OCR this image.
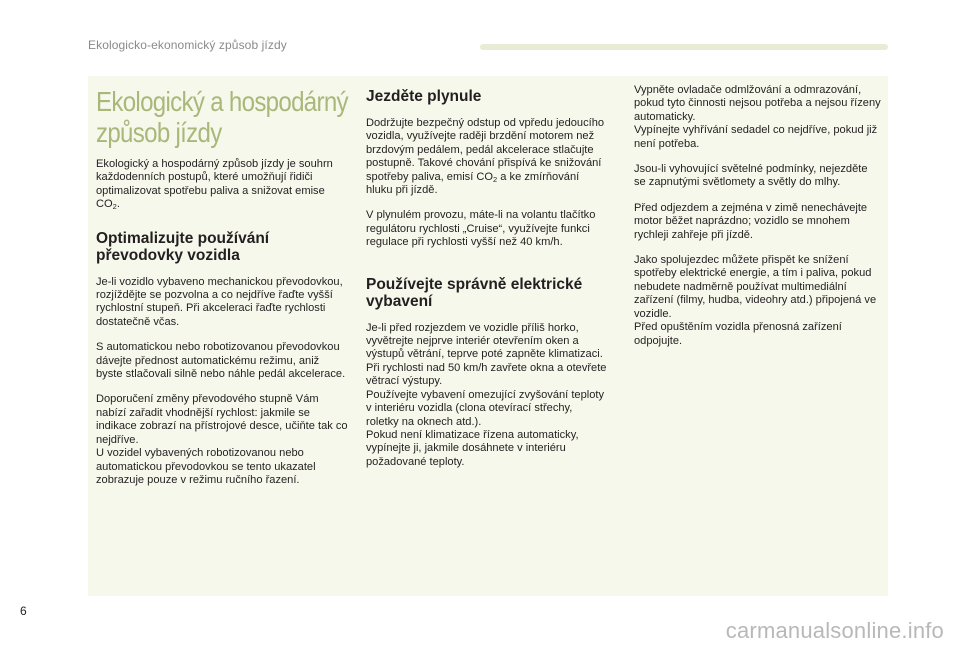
Ekologicko-ekonomický způsob jízdy
Ekologický a hospodárný způsob jízdy

Ekologický a hospodárný způsob jízdy je souhrn každodenních postupů, které umožňují řidiči optimalizovat spotřebu paliva a snižovat emise $CO_2$.

Optimalizujte používání převodovky vozidla

Je-li vozidlo vybaveno mechanickou převodovkou, rozjíždějte se pozvolna a co nejdříve řaďte vyšší rychlostní stupeň. Při akceleraci řaďte rychlosti dostatečně včas.

S automatickou nebo robotizovanou převodovkou dávejte přednost automatickému režimu, aniž byste stlačovali silně nebo náhle pedál akcelerace.

Doporučení změny převodového stupně Vám nabízí zařadit vhodnější rychlost: jakmile se indikace zobrazí na přístrojové desce, učiňte tak co nejdříve.
U vozidel vybavených robotizovanou nebo automatickou převodovkou se tento ukazatel zobrazuje pouze v režimu ručního řazení.

Jezděte plynule

Dodržujte bezpečný odstup od vpředu jedoucího vozidla, využívejte raději brzdění motorem než brzdovým pedálem, pedál akcelerace stlačujte postupně. Takové chování přispívá ke snižování spotřeby paliva, emisí $CO_2$ a ke zmírňování hluku při jízdě.

V plynulém provozu, máte-li na volantu tlačítko regulátoru rychlosti „Cruise“, využívejte funkci regulace při rychlosti vyšší než 40 km/h.

Používejte správně elektrické vybavení

Je-li před rozjezdem ve vozidle příliš horko, vyvětrejte nejprve interiér otevřením oken a výstupů větrání, teprve poté zapněte klimatizaci.
Při rychlosti nad 50 km/h zavřete okna a otevřete větrací výstupy.
Používejte vybavení omezující zvyšování teploty v interiéru vozidla (clona otevírací střechy, roletky na oknech atd.).
Pokud není klimatizace řízena automaticky, vypínejte ji, jakmile dosáhnete v interiéru požadované teploty.

Vypněte ovladače odmlžování a odmrazování, pokud tyto činnosti nejsou potřeba a nejsou řízeny automaticky.
Vypínejte vyhřívání sedadel co nejdříve, pokud již není potřeba.

Jsou-li vyhovující světelné podmínky, nejezděte se zapnutými světlomety a světly do mlhy.

Před odjezdem a zejména v zimě nenechávejte motor běžet naprázdno; vozidlo se mnohem rychleji zahřeje při jízdě.

Jako spolujezdec můžete přispět ke snížení spotřeby elektrické energie, a tím i paliva, pokud nebudete nadměrně používat multimediální zařízení (filmy, hudba, videohry atd.) připojená ve vozidle.
Před opuštěním vozidla přenosná zařízení odpojujte.

6
carmanualsonline.info
